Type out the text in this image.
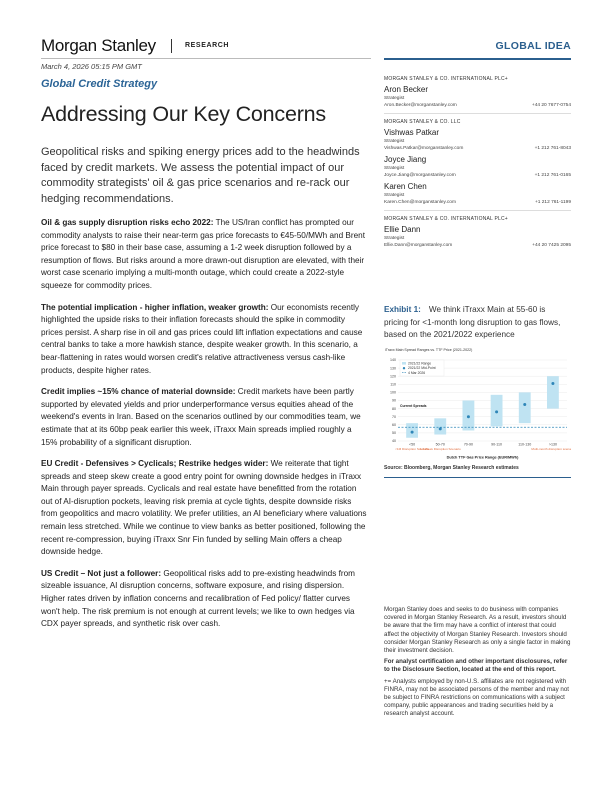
Morgan Stanley	RESEARCH	GLOBAL IDEA
March 4, 2026 05:15 PM GMT
Global Credit Strategy
Addressing Our Key Concerns
Geopolitical risks and spiking energy prices add to the headwinds faced by credit markets. We assess the potential impact of our commodity strategists' oil & gas price scenarios and re-rack our hedging recommendations.

Oil & gas supply disruption risks echo 2022: The US/Iran conflict has prompted our commodity analysts to raise their near-term gas price forecasts to €45-50/MWh and Brent price forecast to $80 in their base case, assuming a 1-2 week disruption followed by a resumption of flows. But risks around a more drawn-out disruption are elevated, with their worst case scenario implying a multi-month outage, which could create a 2022-style squeeze for commodity prices.

The potential implication - higher inflation, weaker growth: Our economists recently highlighted the upside risks to their inflation forecasts should the spike in commodity prices persist. A sharp rise in oil and gas prices could lift inflation expectations and cause central banks to take a more hawkish stance, despite weaker growth. In this scenario, a bear-flattening in rates would worsen credit's relative attractiveness versus cash-like products, despite higher rates.

Credit implies ~15% chance of material downside: Credit markets have been partly supported by elevated yields and prior underperformance versus equities ahead of the weekend's events in Iran. Based on the scenarios outlined by our commodities team, we estimate that at its 60bp peak earlier this week, iTraxx Main spreads implied roughly a 15% probability of a significant disruption.

EU Credit - Defensives > Cyclicals; Restrike hedges wider: We reiterate that tight spreads and steep skew create a good entry point for owning downside hedges in iTraxx Main through payer spreads. Cyclicals and real estate have benefitted from the rotation out of AI-disruption pockets, leaving risk premia at cycle tights, despite downside risks from geopolitics and macro volatility. We prefer utilities, an AI beneficiary where valuations remain less stretched. While we continue to view banks as better positioned, following the recent re-compression, buying iTraxx Snr Fin funded by selling Main offers a cheap downside hedge.

US Credit – Not just a follower: Geopolitical risks add to pre-existing headwinds from sizeable issuance, AI disruption concerns, software exposure, and rising dispersion. Higher rates driven by inflation concerns and recalibration of Fed policy/ flatter curves won't help. The risk premium is not enough at current levels; we like to own hedges via CDX payer spreads, and synthetic risk over cash.

MORGAN STANLEY & CO. INTERNATIONAL PLC+
Aron Becker
Strategist
Aron.Becker@morganstanley.com	+44 20 7677-0754
MORGAN STANLEY & CO. LLC
Vishwas Patkar
Strategist
Vishwas.Patkar@morganstanley.com	+1 212 761-8043
Joyce Jiang
Strategist
Joyce.Jiang@morganstanley.com	+1 212 761-0165
Karen Chen
Strategist
Karen.Chen@morganstanley.com	+1 212 761-1199
MORGAN STANLEY & CO. INTERNATIONAL PLC+
Ellie Dann
Strategist
Ellie.Dann@morganstanley.com	+44 20 7425 2095
Exhibit 1: We think iTraxx Main at 55-60 is pricing for <1-month long disruption to gas flows, based on the 2021/2022 experience
iTraxx Main Spread Ranges vs. TTF Price (2021-2022)
40
50
60
70
80
90
100
110
120
130
140
<50	50-70	70-90	90-110	110-130	>130
Dutch TTF Gas Price Range (EUR/MWh)
2021/22 Range
2021/22 Mid-Point
4 Mar 2026
Current Spreads
<1M Disruption Scenario
1-2 Week Disruption Scenario	Multi-month disruption scenario
Source: Bloomberg, Morgan Stanley Research estimates

Morgan Stanley does and seeks to do business with companies covered in Morgan Stanley Research. As a result, investors should be aware that the firm may have a conflict of interest that could affect the objectivity of Morgan Stanley Research. Investors should consider Morgan Stanley Research as only a single factor in making their investment decision.

For analyst certification and other important disclosures, refer to the Disclosure Section, located at the end of this report.

+= Analysts employed by non-U.S. affiliates are not registered with FINRA, may not be associated persons of the member and may not be subject to FINRA restrictions on communications with a subject company, public appearances and trading securities held by a research analyst account.
